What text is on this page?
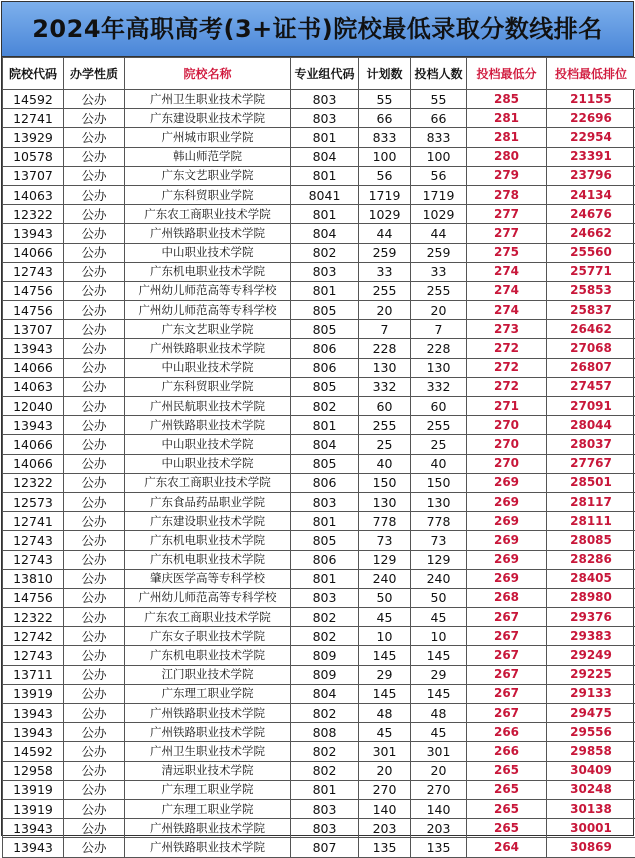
2024年高职高考(3+证书)院校最低录取分数线排名
院校代码	办学性质	院校名称	专业组代码	计划数	投档人数	投档最低分	投档最低排位
14592	公办	广州卫生职业技术学院	803	55	55	285	21155
12741	公办	广东建设职业技术学院	803	66	66	281	22696
13929	公办	广州城市职业学院	801	833	833	281	22954
10578	公办	韩山师范学院	804	100	100	280	23391
13707	公办	广东文艺职业学院	801	56	56	279	23796
14063	公办	广东科贸职业学院	8041	1719	1719	278	24134
12322	公办	广东农工商职业技术学院	801	1029	1029	277	24676
13943	公办	广州铁路职业技术学院	804	44	44	277	24662
14066	公办	中山职业技术学院	802	259	259	275	25560
12743	公办	广东机电职业技术学院	803	33	33	274	25771
14756	公办	广州幼儿师范高等专科学校	801	255	255	274	25853
14756	公办	广州幼儿师范高等专科学校	805	20	20	274	25837
13707	公办	广东文艺职业学院	805	7	7	273	26462
13943	公办	广州铁路职业技术学院	806	228	228	272	27068
14066	公办	中山职业技术学院	806	130	130	272	26807
14063	公办	广东科贸职业学院	805	332	332	272	27457
12040	公办	广州民航职业技术学院	802	60	60	271	27091
13943	公办	广州铁路职业技术学院	801	255	255	270	28044
14066	公办	中山职业技术学院	804	25	25	270	28037
14066	公办	中山职业技术学院	805	40	40	270	27767
12322	公办	广东农工商职业技术学院	806	150	150	269	28501
12573	公办	广东食品药品职业学院	803	130	130	269	28117
12741	公办	广东建设职业技术学院	801	778	778	269	28111
12743	公办	广东机电职业技术学院	805	73	73	269	28085
12743	公办	广东机电职业技术学院	806	129	129	269	28286
13810	公办	肇庆医学高等专科学校	801	240	240	269	28405
14756	公办	广州幼儿师范高等专科学校	803	50	50	268	28980
12322	公办	广东农工商职业技术学院	802	45	45	267	29376
12742	公办	广东女子职业技术学院	802	10	10	267	29383
12743	公办	广东机电职业技术学院	809	145	145	267	29249
13711	公办	江门职业技术学院	809	29	29	267	29225
13919	公办	广东理工职业学院	804	145	145	267	29133
13943	公办	广州铁路职业技术学院	802	48	48	267	29475
13943	公办	广州铁路职业技术学院	808	45	45	266	29556
14592	公办	广州卫生职业技术学院	802	301	301	266	29858
12958	公办	清远职业技术学院	802	20	20	265	30409
13919	公办	广东理工职业学院	801	270	270	265	30248
13919	公办	广东理工职业学院	803	140	140	265	30138
13943	公办	广州铁路职业技术学院	803	203	203	265	30001
13943	公办	广州铁路职业技术学院	807	135	135	264	30869
